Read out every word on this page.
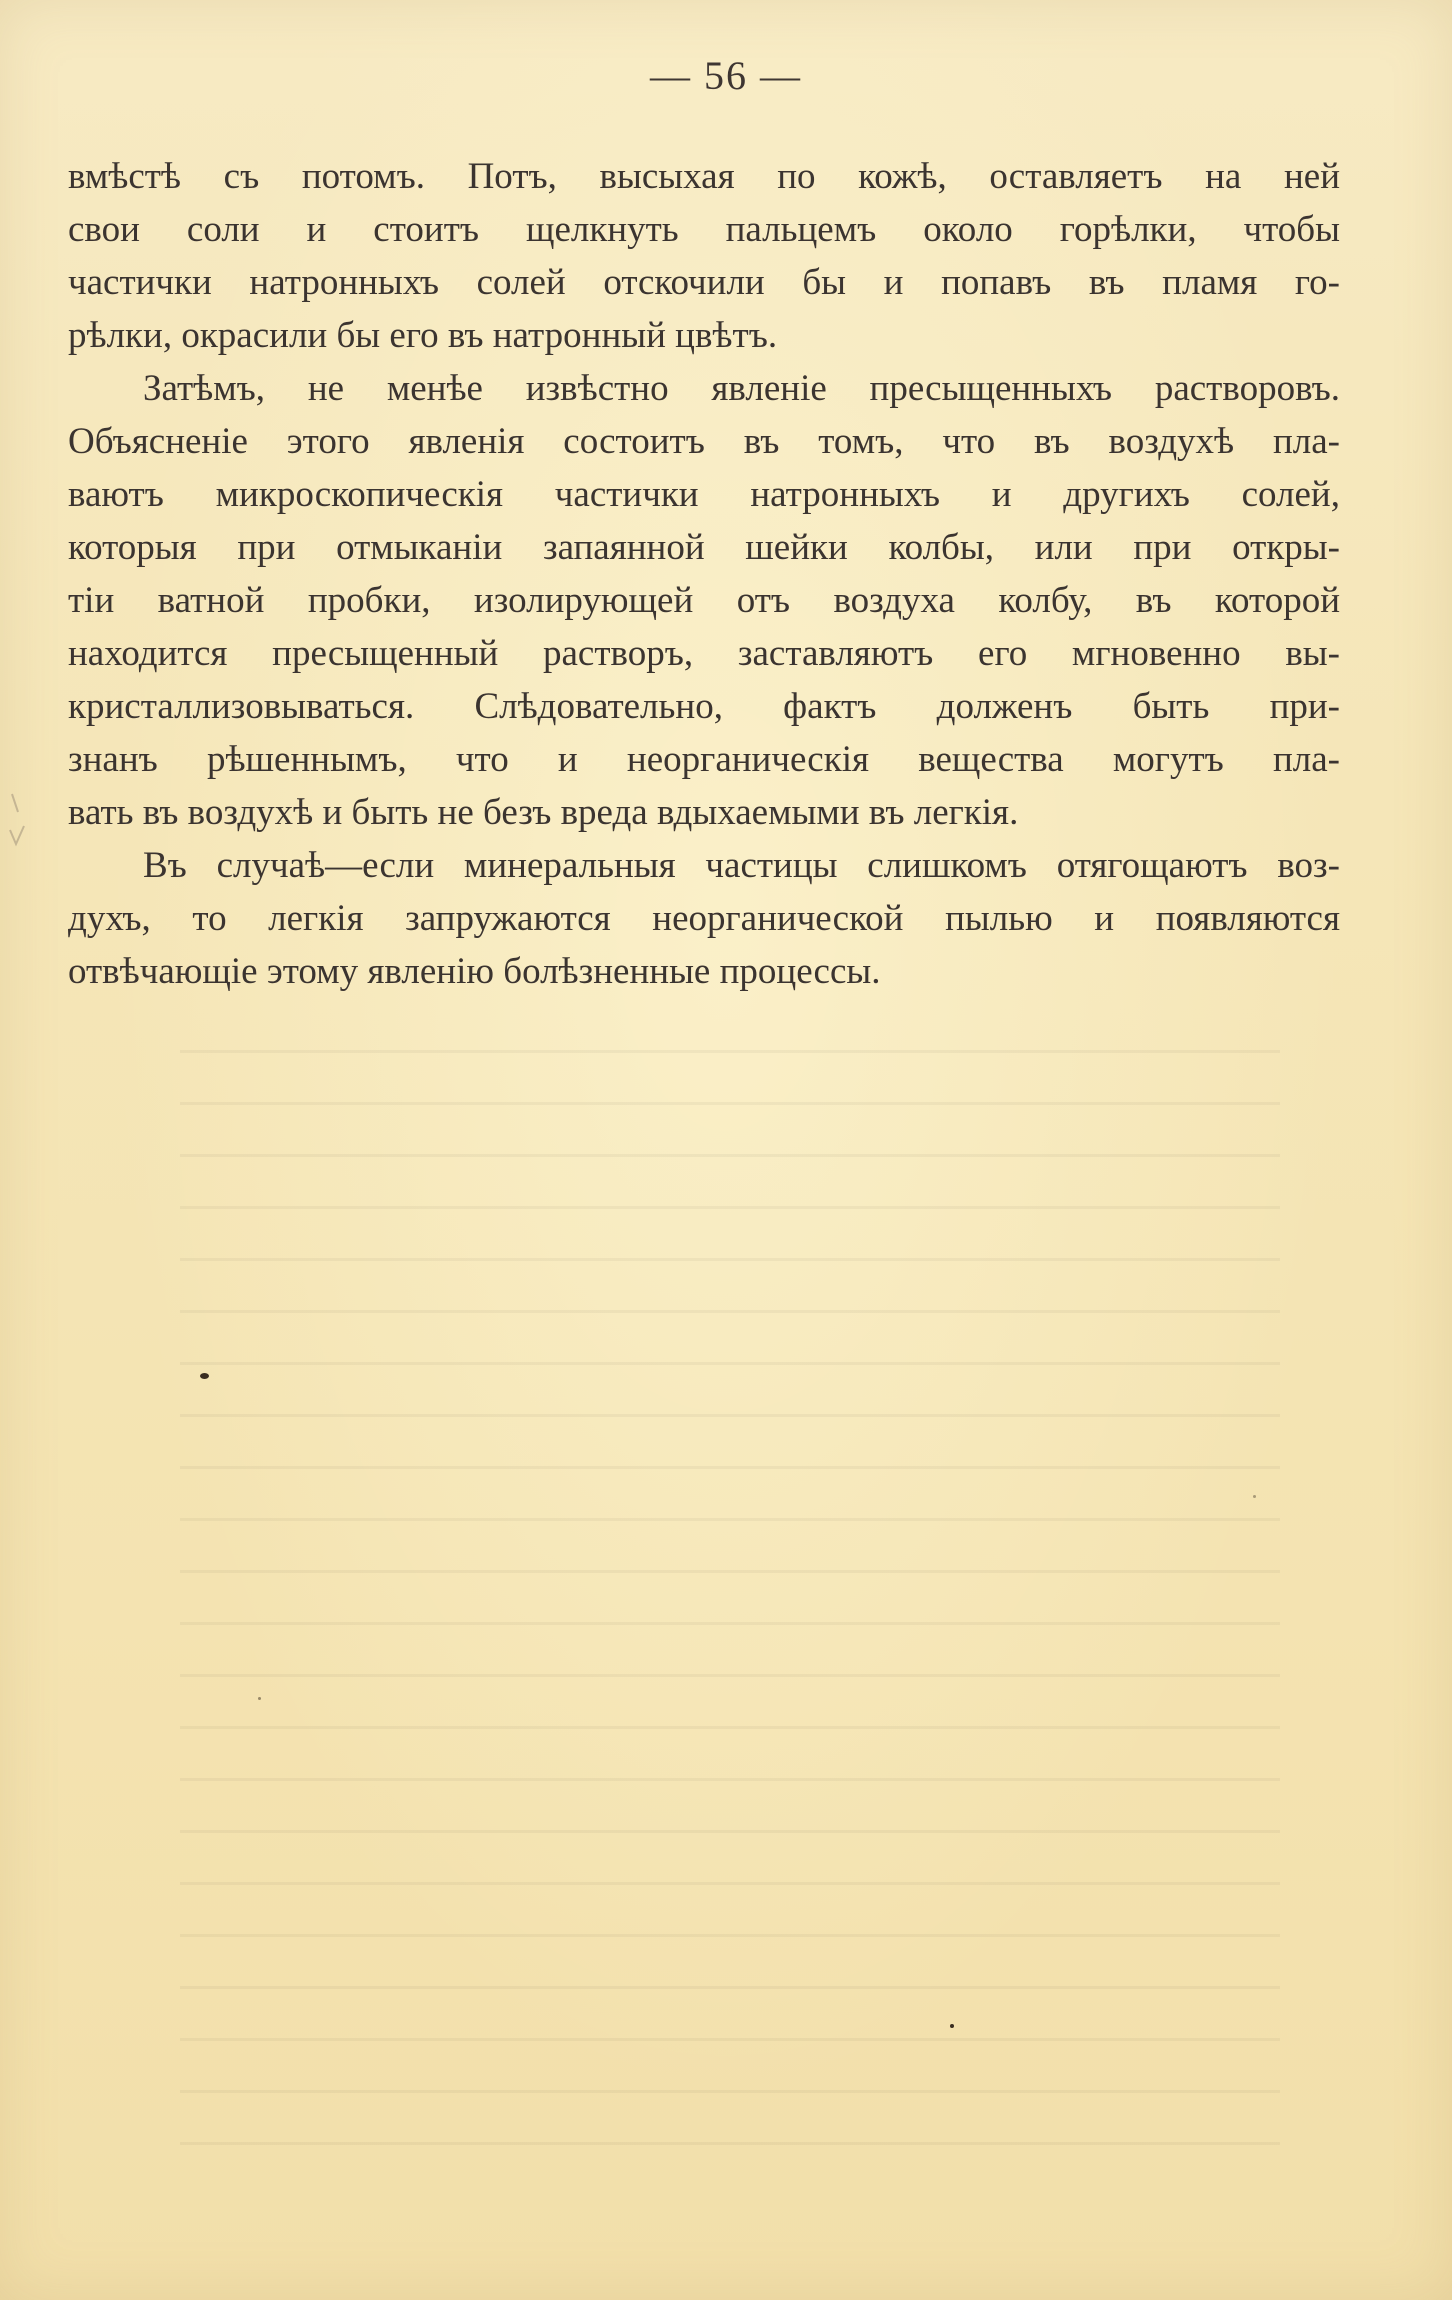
— 56 —
вмѣстѣ съ потомъ. Потъ, высыхая по кожѣ, оставляетъ на ней
свои соли и стоитъ щелкнуть пальцемъ около горѣлки, чтобы
частички натронныхъ солей отскочили бы и попавъ въ пламя го-
рѣлки, окрасили бы его въ натронный цвѣтъ.
Затѣмъ, не менѣе извѣстно явленіе пресыщенныхъ растворовъ.
Объясненіе этого явленія состоитъ въ томъ, что въ воздухѣ пла-
ваютъ микроскопическія частички натронныхъ и другихъ солей,
которыя при отмыканіи запаянной шейки колбы, или при откры-
тіи ватной пробки, изолирующей отъ воздуха колбу, въ которой
находится пресыщенный растворъ, заставляютъ его мгновенно вы-
кристаллизовываться. Слѣдовательно, фактъ долженъ быть при-
знанъ рѣшеннымъ, что и неорганическія вещества могутъ пла-
вать въ воздухѣ и быть не безъ вреда вдыхаемыми въ легкія.
Въ случаѣ—если минеральныя частицы слишкомъ отягощаютъ воз-
духъ, то легкія запружаются неорганической пылью и появляются
отвѣчающіе этому явленію болѣзненные процессы.
